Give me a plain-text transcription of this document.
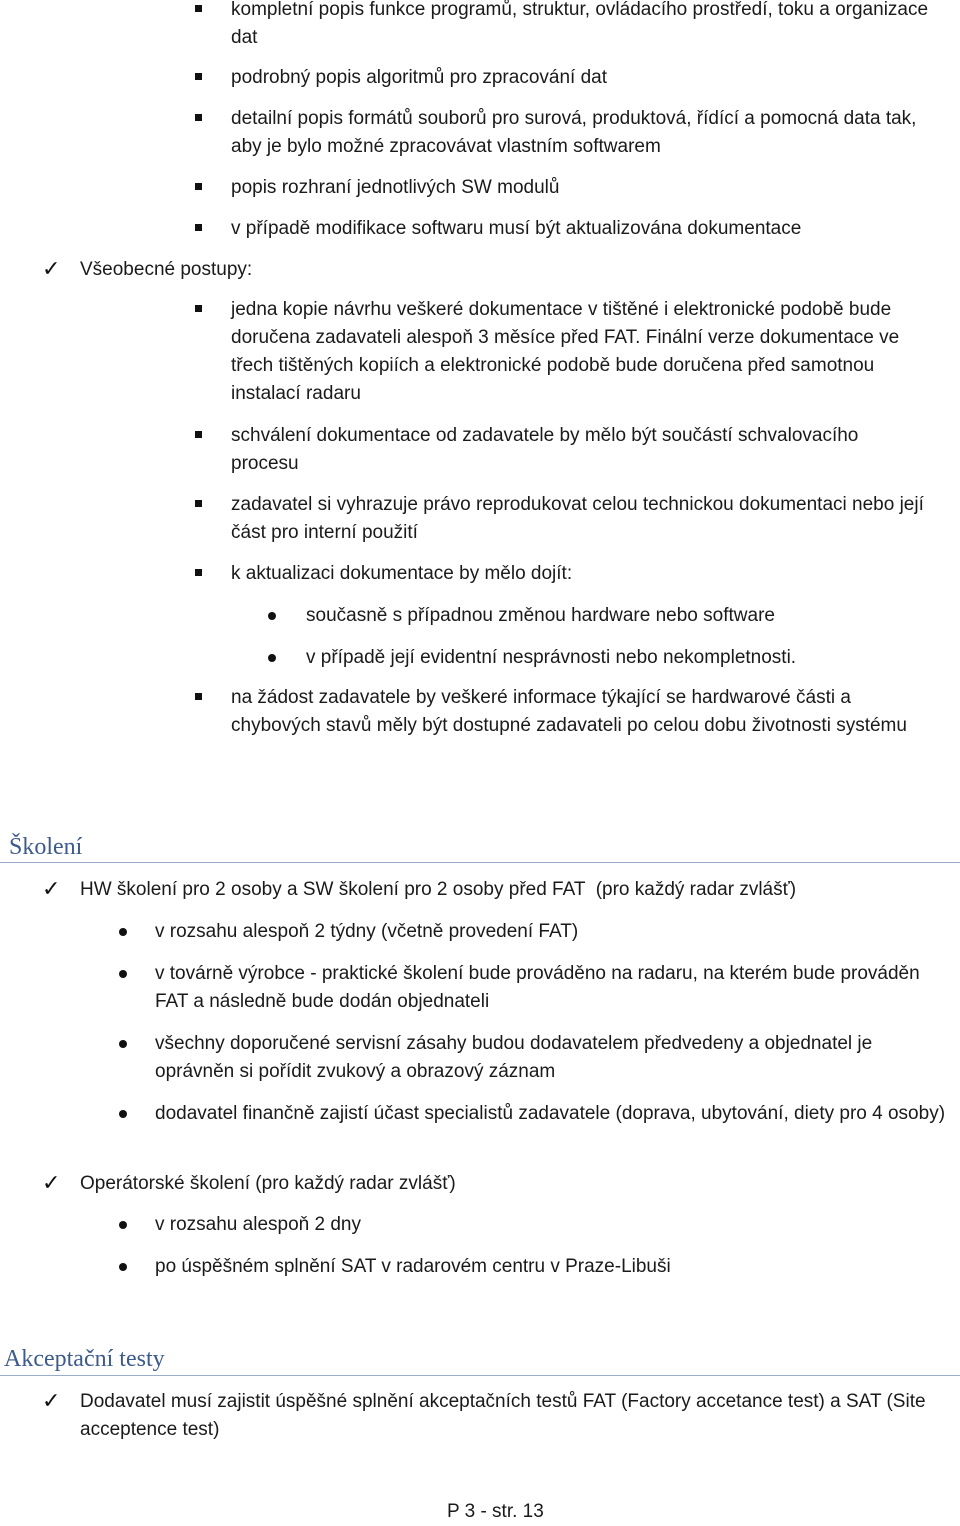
kompletní popis funkce programů, struktur, ovládacího prostředí, toku a organizace dat
podrobný popis algoritmů pro zpracování dat
detailní popis formátů souborů pro surová, produktová, řídící a pomocná data tak, aby je bylo možné zpracovávat vlastním softwarem
popis rozhraní jednotlivých SW modulů
v případě modifikace softwaru musí být aktualizována dokumentace
✓ Všeobecné postupy:
jedna kopie návrhu veškeré dokumentace v tištěné i elektronické podobě bude doručena zadavateli alespoň 3 měsíce před FAT. Finální verze dokumentace ve třech tištěných kopiích a elektronické podobě bude doručena před samotnou instalací radaru
schválení dokumentace od zadavatele by mělo být součástí schvalovacího procesu
zadavatel si vyhrazuje právo reprodukovat celou technickou dokumentaci nebo její část pro interní použití
k aktualizaci dokumentace by mělo dojít:
současně s případnou změnou hardware nebo software
v případě její evidentní nesprávnosti nebo nekompletnosti.
na žádost zadavatele by veškeré informace týkající se hardwarové části a chybových stavů měly být dostupné zadavateli po celou dobu životnosti systému
Školení
✓ HW školení pro 2 osoby a SW školení pro 2 osoby před FAT  (pro každý radar zvlášť)
v rozsahu alespoň 2 týdny (včetně provedení FAT)
v továrně výrobce - praktické školení bude prováděno na radaru, na kterém bude prováděn FAT a následně bude dodán objednateli
všechny doporučené servisní zásahy budou dodavatelem předvedeny a objednatel je oprávněn si pořídit zvukový a obrazový záznam
dodavatel finančně zajistí účast specialistů zadavatele (doprava, ubytování, diety pro 4 osoby)
✓ Operátorské školení (pro každý radar zvlášť)
v rozsahu alespoň 2 dny
po úspěšném splnění SAT v radarovém centru v Praze-Libuši
Akceptační testy
✓ Dodavatel musí zajistit úspěšné splnění akceptačních testů FAT (Factory accetance test) a SAT (Site acceptence test)
P 3 - str. 13
